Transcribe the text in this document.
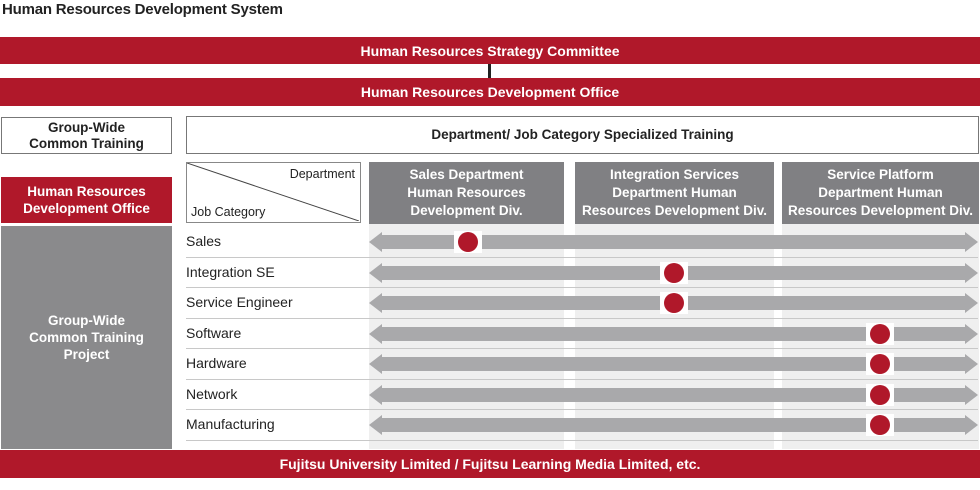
Human Resources Development System
Human Resources Strategy Committee
Human Resources Development Office
Group-Wide
Common Training
Department/ Job Category Specialized Training
Human Resources
Development Office
Group-Wide
Common Training
Project
Department
Job Category
Sales Department
Human Resources
Development Div.
Integration Services
Department Human
Resources Development Div.
Service Platform
Department Human
Resources Development Div.
Sales
Integration SE
Service Engineer
Software
Hardware
Network
Manufacturing
Fujitsu University Limited / Fujitsu Learning Media Limited, etc.
